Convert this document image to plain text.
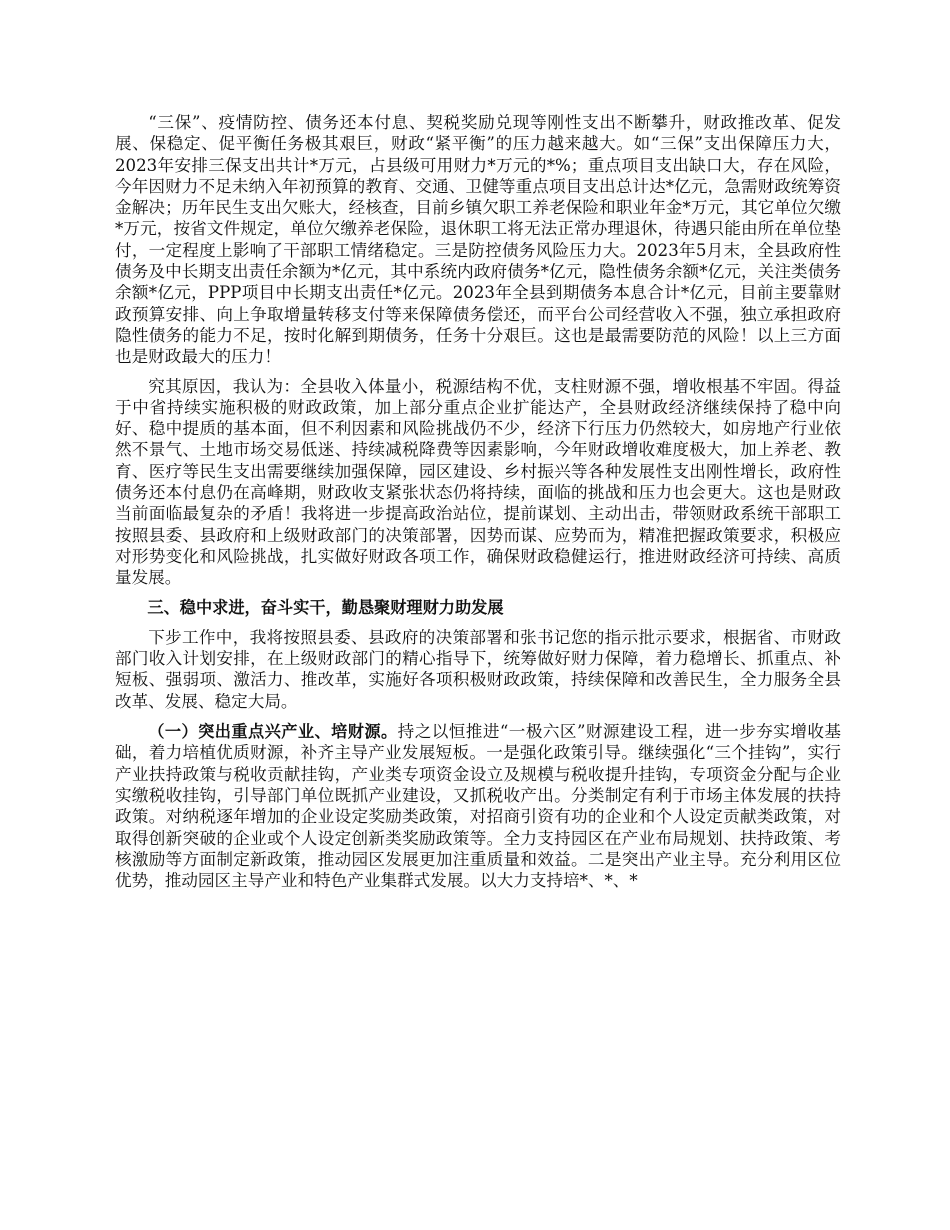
“三保”、疫情防控、债务还本付息、契税奖励兑现等刚性支出不断攀升，财政推改革、促发展、保稳定、促平衡任务极其艰巨，财政“紧平衡”的压力越来越大。如“三保”支出保障压力大，2023年安排三保支出共计*万元，占县级可用财力*万元的*%；重点项目支出缺口大，存在风险，今年因财力不足未纳入年初预算的教育、交通、卫健等重点项目支出总计达*亿元，急需财政统筹资金解决；历年民生支出欠账大，经核查，目前乡镇欠职工养老保险和职业年金*万元，其它单位欠缴*万元，按省文件规定，单位欠缴养老保险，退休职工将无法正常办理退休，待遇只能由所在单位垫付，一定程度上影响了干部职工情绪稳定。三是防控债务风险压力大。2023年5月末，全县政府性债务及中长期支出责任余额为*亿元，其中系统内政府债务*亿元，隐性债务余额*亿元，关注类债务余额*亿元，PPP项目中长期支出责任*亿元。2023年全县到期债务本息合计*亿元，目前主要靠财政预算安排、向上争取增量转移支付等来保障债务偿还，而平台公司经营收入不强，独立承担政府隐性债务的能力不足，按时化解到期债务，任务十分艰巨。这也是最需要防范的风险！以上三方面也是财政最大的压力！

究其原因，我认为：全县收入体量小，税源结构不优，支柱财源不强，增收根基不牢固。得益于中省持续实施积极的财政政策，加上部分重点企业扩能达产，全县财政经济继续保持了稳中向好、稳中提质的基本面，但不利因素和风险挑战仍不少，经济下行压力仍然较大，如房地产行业依然不景气、土地市场交易低迷、持续减税降费等因素影响，今年财政增收难度极大，加上养老、教育、医疗等民生支出需要继续加强保障，园区建设、乡村振兴等各种发展性支出刚性增长，政府性债务还本付息仍在高峰期，财政收支紧张状态仍将持续，面临的挑战和压力也会更大。这也是财政当前面临最复杂的矛盾！我将进一步提高政治站位，提前谋划、主动出击，带领财政系统干部职工按照县委、县政府和上级财政部门的决策部署，因势而谋、应势而为，精准把握政策要求，积极应对形势变化和风险挑战，扎实做好财政各项工作，确保财政稳健运行，推进财政经济可持续、高质量发展。

三、稳中求进，奋斗实干，勤恳聚财理财力助发展

下步工作中，我将按照县委、县政府的决策部署和张书记您的指示批示要求，根据省、市财政部门收入计划安排，在上级财政部门的精心指导下，统筹做好财力保障，着力稳增长、抓重点、补短板、强弱项、激活力、推改革，实施好各项积极财政政策，持续保障和改善民生，全力服务全县改革、发展、稳定大局。

（一）突出重点兴产业、培财源。持之以恒推进“一极六区”财源建设工程，进一步夯实增收基础，着力培植优质财源，补齐主导产业发展短板。一是强化政策引导。继续强化“三个挂钩”，实行产业扶持政策与税收贡献挂钩，产业类专项资金设立及规模与税收提升挂钩，专项资金分配与企业实缴税收挂钩，引导部门单位既抓产业建设，又抓税收产出。分类制定有利于市场主体发展的扶持政策。对纳税逐年增加的企业设定奖励类政策，对招商引资有功的企业和个人设定贡献类政策，对取得创新突破的企业或个人设定创新类奖励政策等。全力支持园区在产业布局规划、扶持政策、考核激励等方面制定新政策，推动园区发展更加注重质量和效益。二是突出产业主导。充分利用区位优势，推动园区主导产业和特色产业集群式发展。以大力支持培*、*、*
